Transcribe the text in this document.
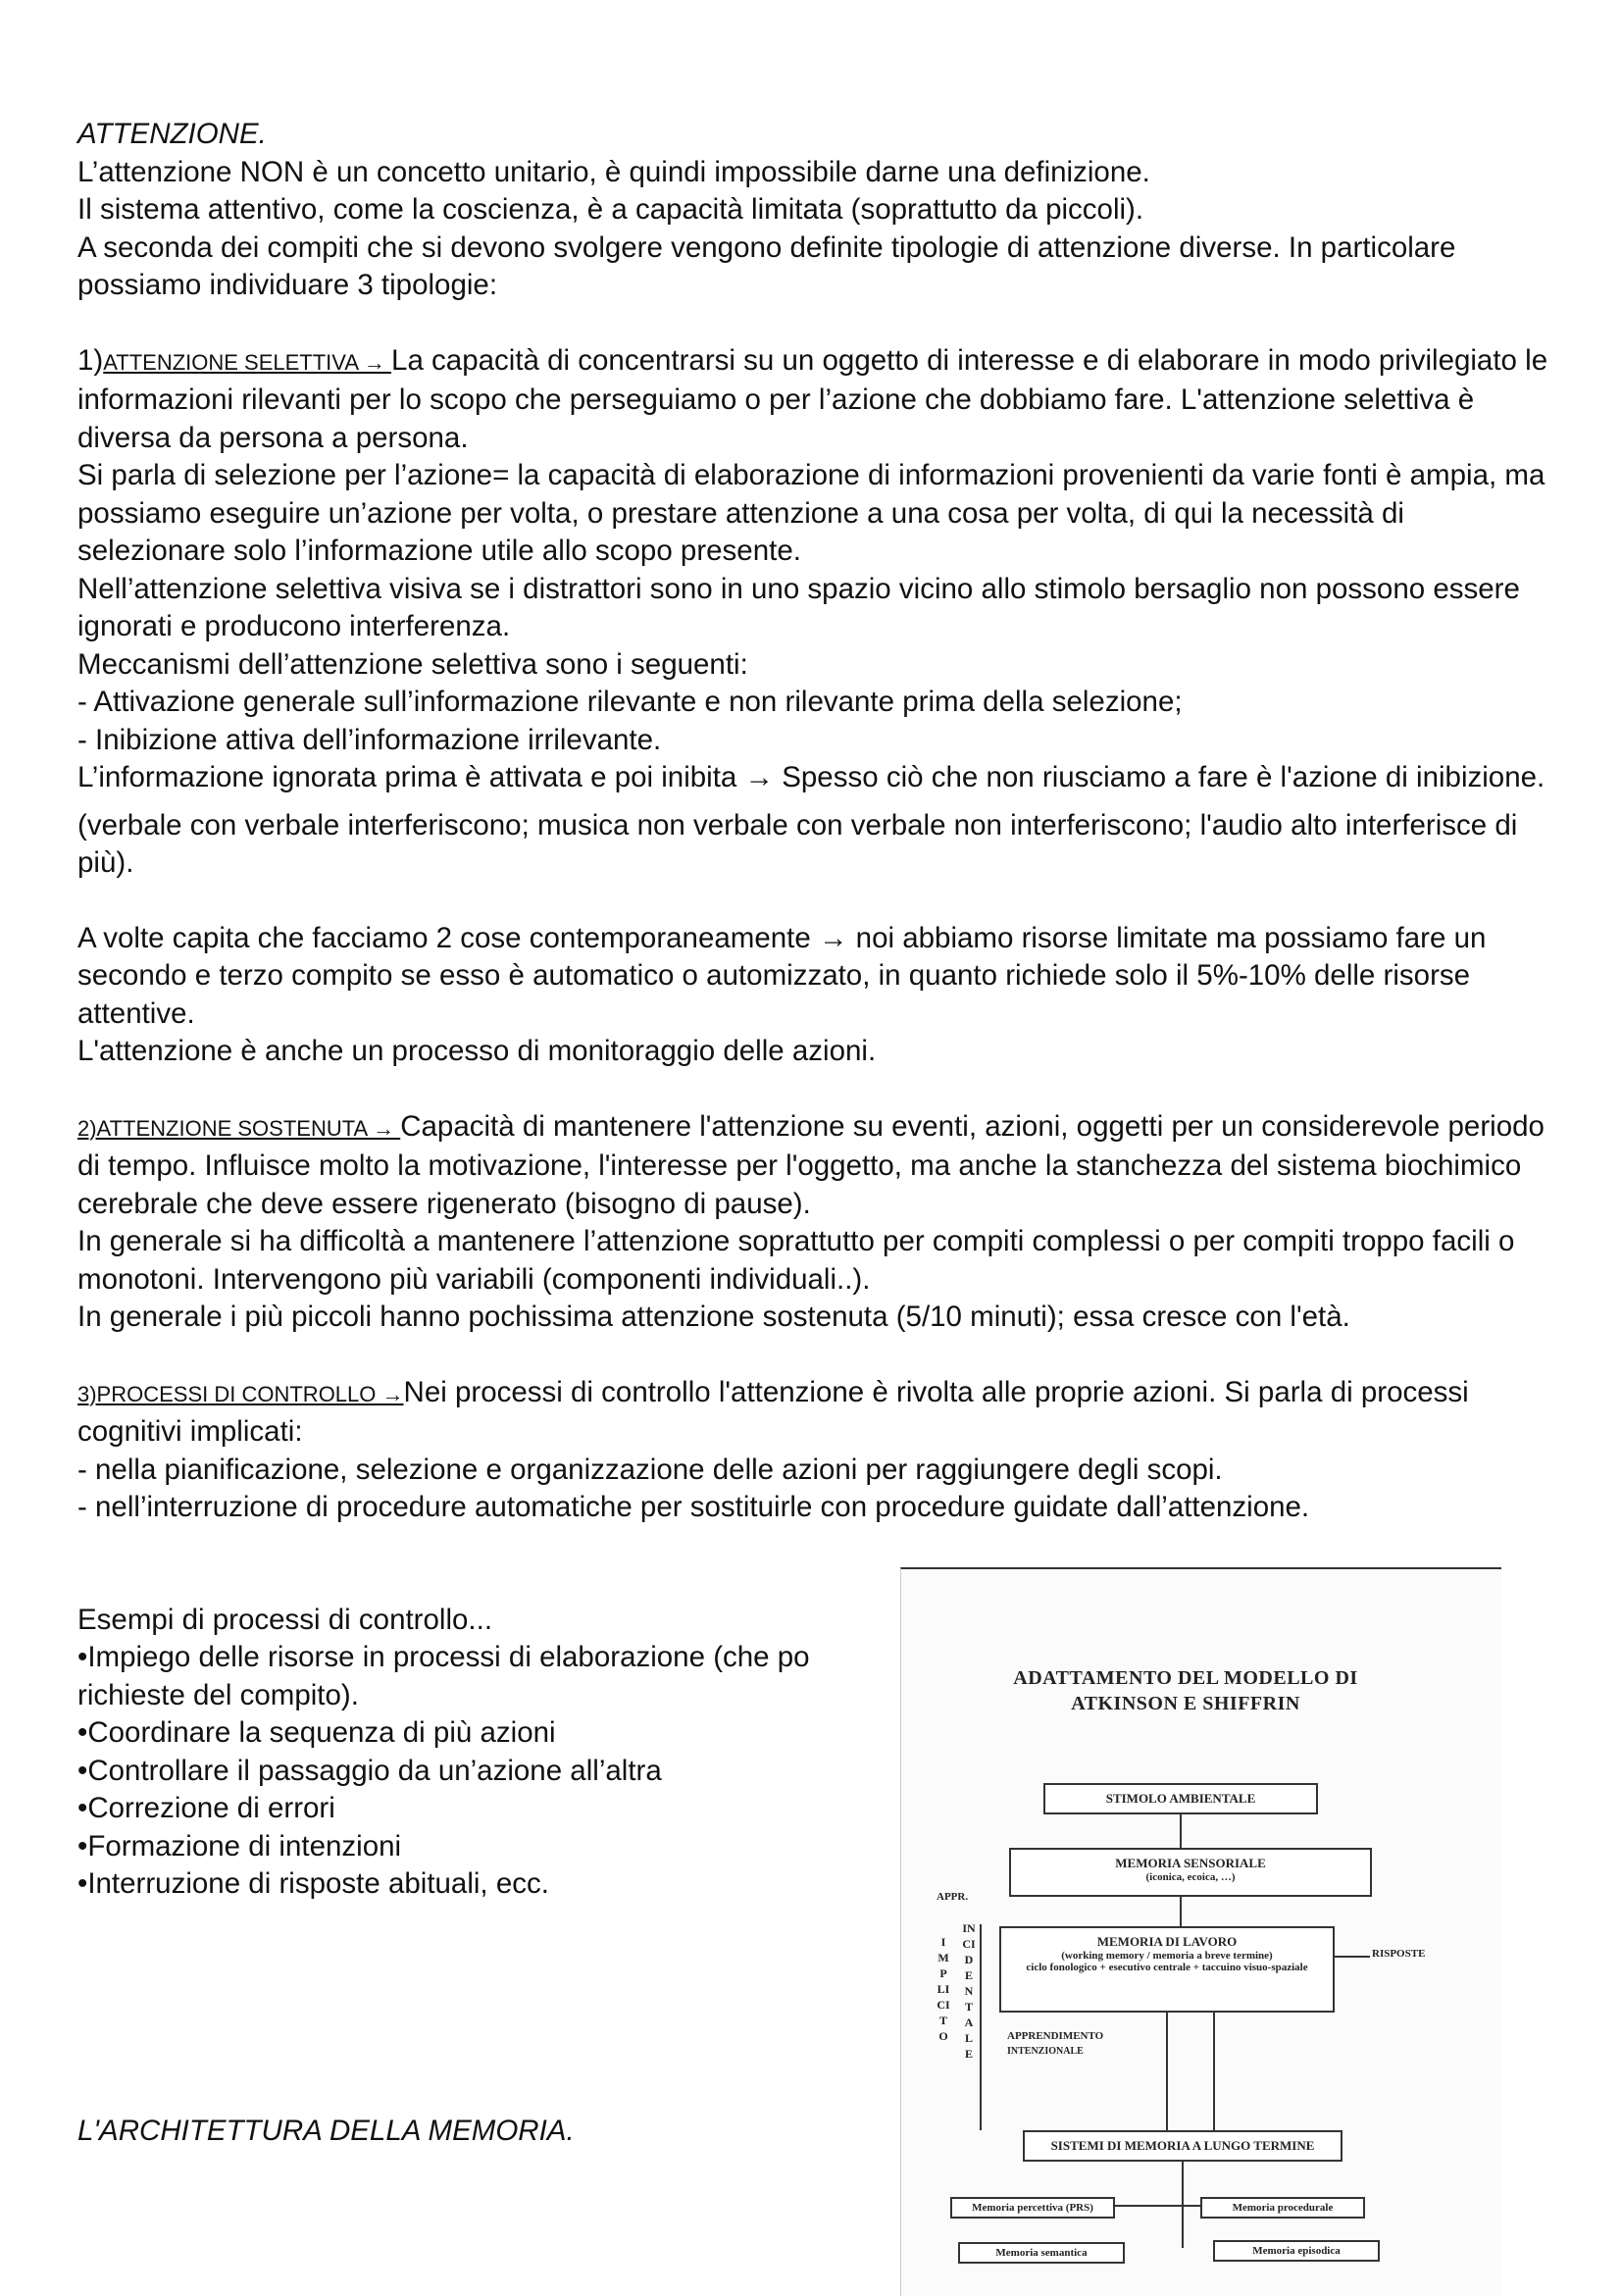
ATTENZIONE.

L’attenzione NON è un concetto unitario, è quindi impossibile darne una definizione.

Il sistema attentivo, come la coscienza, è a capacità limitata (soprattutto da piccoli).

A seconda dei compiti che si devono svolgere vengono definite tipologie di attenzione diverse. In particolare possiamo individuare 3 tipologie:

1)ATTENZIONE SELETTIVA → La capacità di concentrarsi su un oggetto di interesse e di elaborare in modo privilegiato le informazioni rilevanti per lo scopo che perseguiamo o per l’azione che dobbiamo fare. L'attenzione selettiva è diversa da persona a persona.

Si parla di selezione per l’azione= la capacità di elaborazione di informazioni provenienti da varie fonti è ampia, ma possiamo eseguire un’azione per volta, o prestare attenzione a una cosa per volta, di qui la necessità di selezionare solo l’informazione utile allo scopo presente.

Nell’attenzione selettiva visiva se i distrattori sono in uno spazio vicino allo stimolo bersaglio non possono essere ignorati e producono interferenza.

Meccanismi dell’attenzione selettiva sono i seguenti:

- Attivazione generale sull’informazione rilevante e non rilevante prima della selezione;

- Inibizione attiva dell’informazione irrilevante.

L’informazione ignorata prima è attivata e poi inibita → Spesso ciò che non riusciamo a fare è l'azione di inibizione.

(verbale con verbale interferiscono; musica non verbale con verbale non interferiscono; l'audio alto interferisce di più).

A volte capita che facciamo 2 cose contemporaneamente → noi abbiamo risorse limitate ma possiamo fare un secondo e terzo compito se esso è automatico o automizzato, in quanto richiede solo il 5%-10% delle risorse attentive.

L'attenzione è anche un processo di monitoraggio delle azioni.

2)ATTENZIONE SOSTENUTA → Capacità di mantenere l'attenzione su eventi, azioni, oggetti per un considerevole periodo di tempo. Influisce molto la motivazione, l'interesse per l'oggetto, ma anche la stanchezza del sistema biochimico cerebrale che deve essere rigenerato (bisogno di pause).

In generale si ha difficoltà a mantenere l’attenzione soprattutto per compiti complessi o per compiti troppo facili o monotoni. Intervengono più variabili (componenti individuali..).

In generale i più piccoli hanno pochissima attenzione sostenuta (5/10 minuti); essa cresce con l'età.

3)PROCESSI DI CONTROLLO →Nei processi di controllo l'attenzione è rivolta alle proprie azioni. Si parla di processi cognitivi implicati:

- nella pianificazione, selezione e organizzazione delle azioni per raggiungere degli scopi.

- nell’interruzione di procedure automatiche per sostituirle con procedure guidate dall’attenzione.

Esempi di processi di controllo...

•Impiego delle risorse in processi di elaborazione (che po
richieste del compito).
•Coordinare la sequenza di più azioni
•Controllare il passaggio da un’azione all’altra
•Correzione di errori
•Formazione di intenzioni
•Interruzione di risposte abituali, ecc.
L'ARCHITETTURA DELLA MEMORIA.
ADATTAMENTO DEL MODELLO DI ATKINSON E SHIFFRIN
STIMOLO AMBIENTALE
MEMORIA SENSORIALE
(iconica, ecoica, …)
APPR.
IMPLICITO
INCIDENTALE
MEMORIA DI LAVORO
(working memory / memoria a breve termine)
ciclo fonologico + esecutivo centrale + taccuino visuo-spaziale
RISPOSTE
APPRENDIMENTO
INTENZIONALE
SISTEMI DI MEMORIA A LUNGO TERMINE
Memoria percettiva (PRS)	Memoria procedurale
Memoria semantica	Memoria episodica
